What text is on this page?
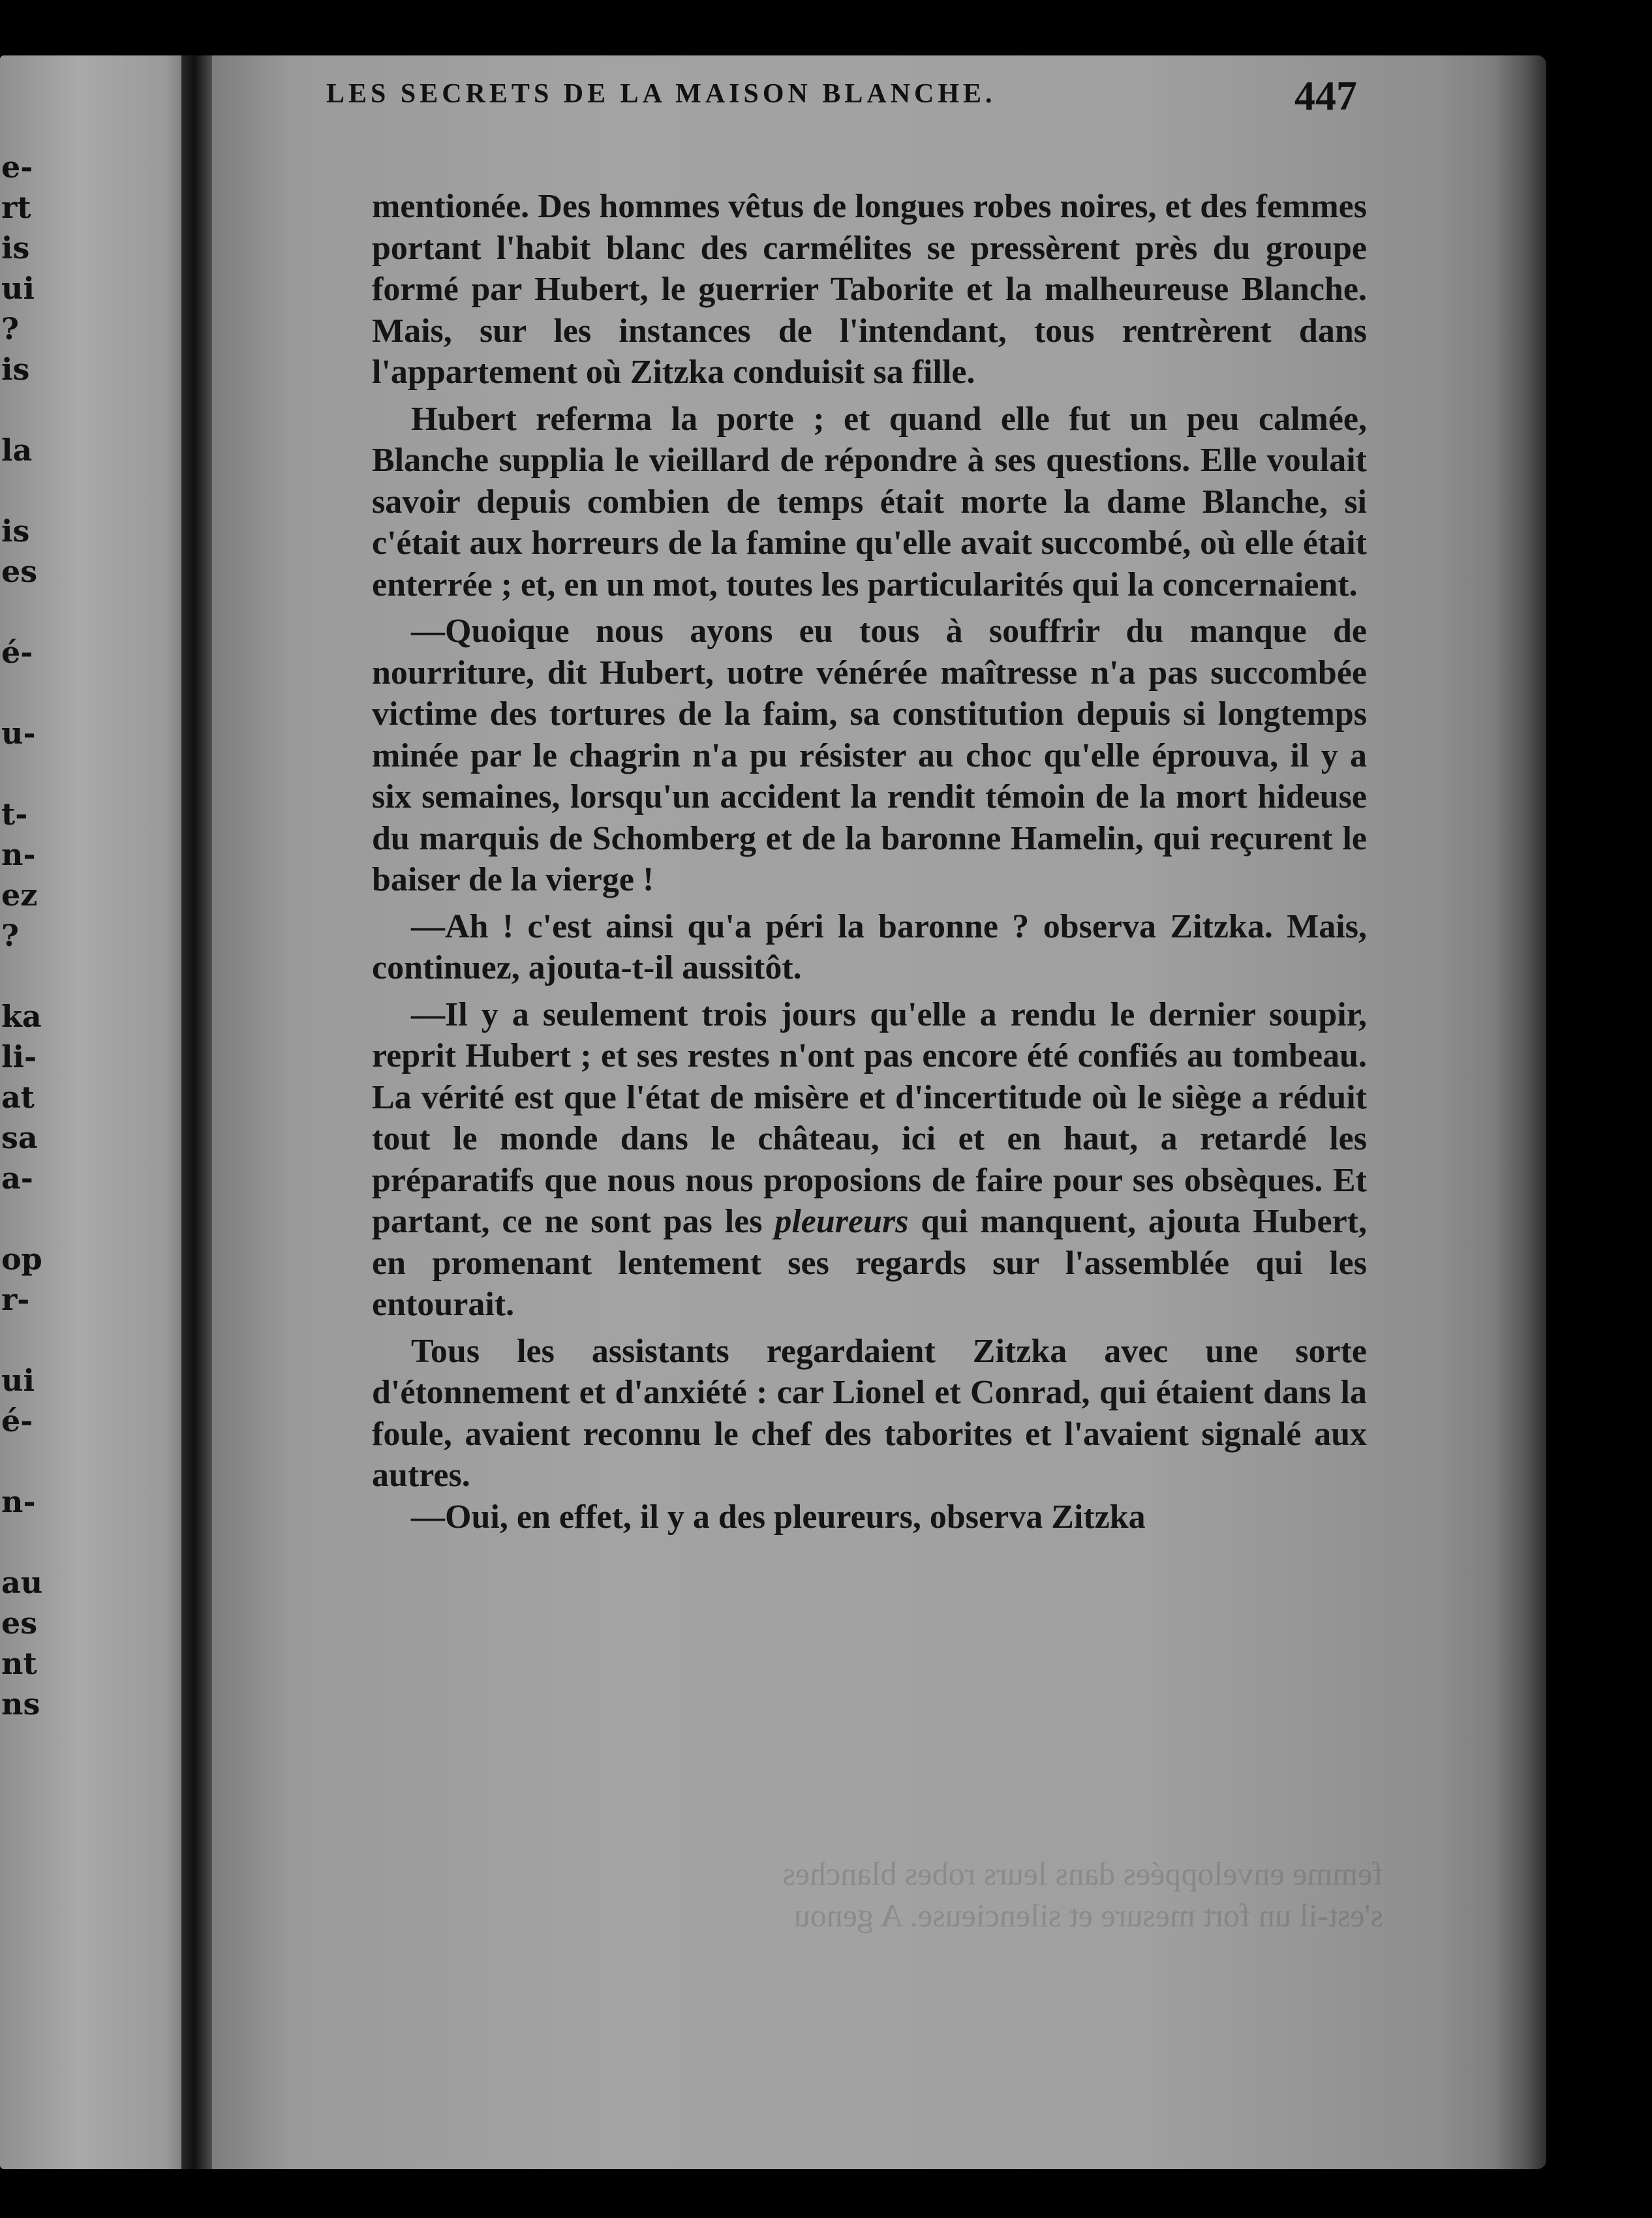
e-
rt
is
ui
?
is

la

is
es

é-

u-

t-
n-
ez
?

ka
li-
at
sa
a-

op
r-

ui
é-

n-

au
es
nt
ns
LES SECRETS DE LA MAISON BLANCHE.	447

mentionée. Des hommes vêtus de longues robes noires, et des femmes portant l'habit blanc des carmélites se pressèrent près du groupe formé par Hubert, le guerrier Taborite et la malheureuse Blanche. Mais, sur les instances de l'intendant, tous rentrèrent dans l'appartement où Zitzka conduisit sa fille.

Hubert referma la porte ; et quand elle fut un peu calmée, Blanche supplia le vieillard de répondre à ses questions. Elle voulait savoir depuis combien de temps était morte la dame Blanche, si c'était aux horreurs de la famine qu'elle avait succombé, où elle était enterrée ; et, en un mot, toutes les particularités qui la concernaient.

—Quoique nous ayons eu tous à souffrir du manque de nourriture, dit Hubert, uotre vénérée maîtresse n'a pas succombée victime des tortures de la faim, sa constitution depuis si longtemps minée par le chagrin n'a pu résister au choc qu'elle éprouva, il y a six semaines, lorsqu'un accident la rendit témoin de la mort hideuse du marquis de Schomberg et de la baronne Hamelin, qui reçurent le baiser de la vierge !

—Ah ! c'est ainsi qu'a péri la baronne ? observa Zitzka. Mais, continuez, ajouta-t-il aussitôt.

—Il y a seulement trois jours qu'elle a rendu le dernier soupir, reprit Hubert ; et ses restes n'ont pas encore été confiés au tombeau. La vérité est que l'état de misère et d'incertitude où le siège a réduit tout le monde dans le château, ici et en haut, a retardé les préparatifs que nous nous proposions de faire pour ses obsèques. Et partant, ce ne sont pas les pleureurs qui manquent, ajouta Hubert, en promenant lentement ses regards sur l'assemblée qui les entourait.

Tous les assistants regardaient Zitzka avec une sorte d'étonnement et d'anxiété : car Lionel et Conrad, qui étaient dans la foule, avaient reconnu le chef des taborites et l'avaient signalé aux autres.

—Oui, en effet, il y a des pleureurs, observa Zitzka

femme enveloppées dans leurs robes blanches
s'est-il un fort mesure et silencieuse. A genou
